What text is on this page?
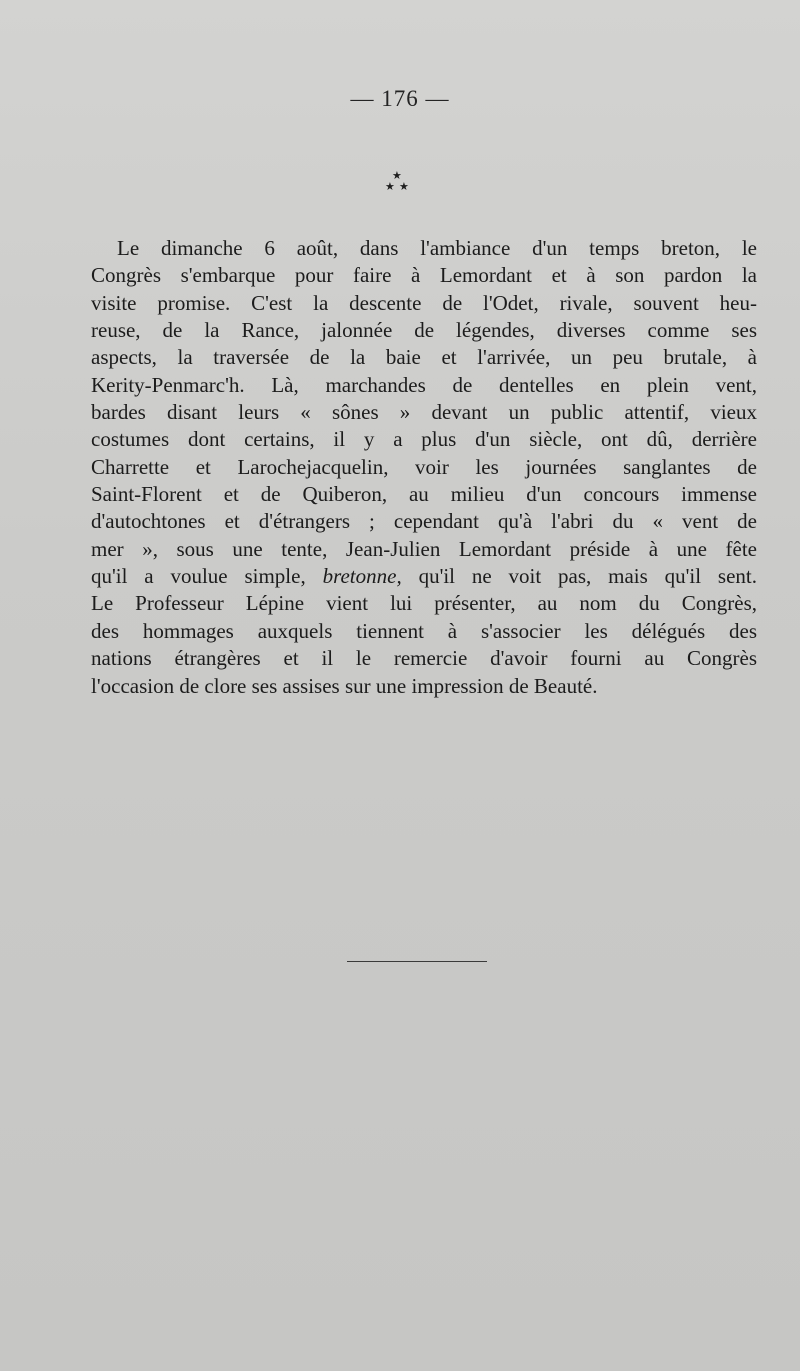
— 176 —
★
★ ★
Le dimanche 6 août, dans l'ambiance d'un temps breton, le
Congrès s'embarque pour faire à Lemordant et à son pardon la
visite promise. C'est la descente de l'Odet, rivale, souvent heu-
reuse, de la Rance, jalonnée de légendes, diverses comme ses
aspects, la traversée de la baie et l'arrivée, un peu brutale, à
Kerity-Penmarc'h. Là, marchandes de dentelles en plein vent,
bardes disant leurs « sônes » devant un public attentif, vieux
costumes dont certains, il y a plus d'un siècle, ont dû, derrière
Charrette et Larochejacquelin, voir les journées sanglantes de
Saint-Florent et de Quiberon, au milieu d'un concours immense
d'autochtones et d'étrangers ; cependant qu'à l'abri du « vent de
mer », sous une tente, Jean-Julien Lemordant préside à une fête
qu'il a voulue simple, bretonne, qu'il ne voit pas, mais qu'il sent.
Le Professeur Lépine vient lui présenter, au nom du Congrès,
des hommages auxquels tiennent à s'associer les délégués des
nations étrangères et il le remercie d'avoir fourni au Congrès
l'occasion de clore ses assises sur une impression de Beauté.
